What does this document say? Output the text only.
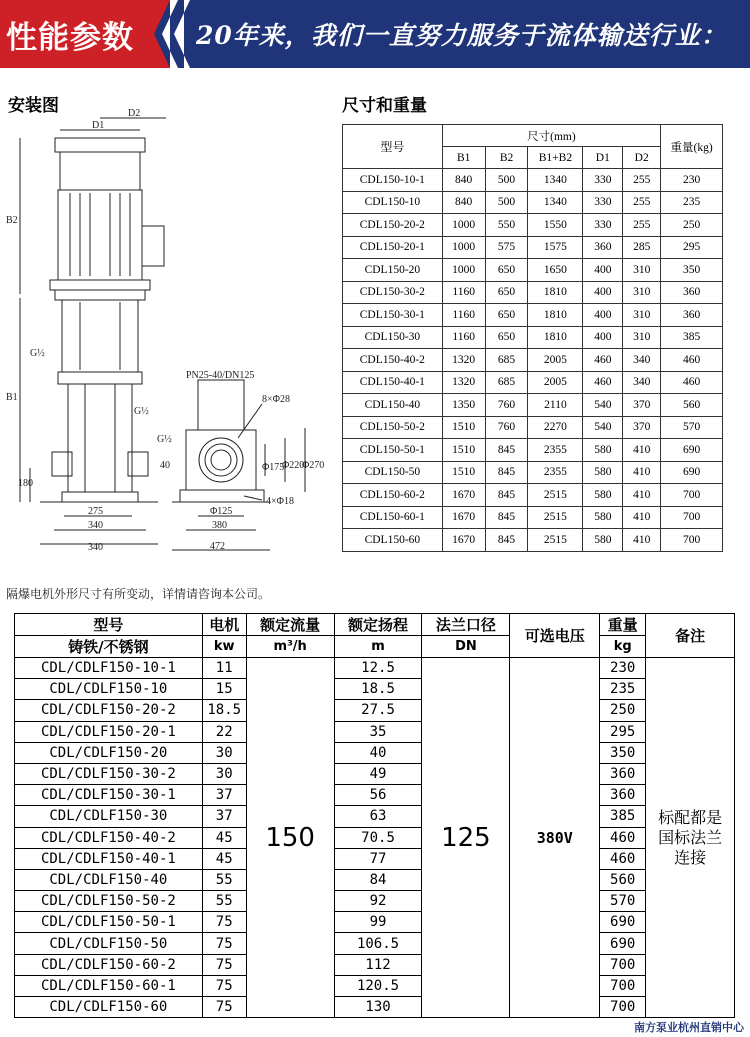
性能参数 20年来，我们一直努力服务于流体输送行业：
安装图
D1
D2
B2
B1
G½
G½
G½
180
275
340
340
PN25-40/DN125
8×Φ28
40	Φ175
Φ220
Φ270
4×Φ18
Φ125
380
472
尺寸和重量
型号	尺寸(mm)					重量(kg)
	B1	B2	B1+B2	D1	D2	
CDL150-10-1	840	500	1340	330	255	230
CDL150-10	840	500	1340	330	255	235
CDL150-20-2	1000	550	1550	330	255	250
CDL150-20-1	1000	575	1575	360	285	295
CDL150-20	1000	650	1650	400	310	350
CDL150-30-2	1160	650	1810	400	310	360
CDL150-30-1	1160	650	1810	400	310	360
CDL150-30	1160	650	1810	400	310	385
CDL150-40-2	1320	685	2005	460	340	460
CDL150-40-1	1320	685	2005	460	340	460
CDL150-40	1350	760	2110	540	370	560
CDL150-50-2	1510	760	2270	540	370	570
CDL150-50-1	1510	845	2355	580	410	690
CDL150-50	1510	845	2355	580	410	690
CDL150-60-2	1670	845	2515	580	410	700
CDL150-60-1	1670	845	2515	580	410	700
CDL150-60	1670	845	2515	580	410	700
隔爆电机外形尺寸有所变动，详情请咨询本公司。
型号	电机	额定流量	额定扬程	法兰口径	可选电压	重量	备注
铸铁/不锈钢	kw	m³/h	m	DN		kg	
CDL/CDLF150-10-1	11	150	12.5	125	380V	230	标配都是国标法兰连接
CDL/CDLF150-10	15		18.5			235	
CDL/CDLF150-20-2	18.5		27.5			250	
CDL/CDLF150-20-1	22		35			295	
CDL/CDLF150-20	30		40			350	
CDL/CDLF150-30-2	30		49			360	
CDL/CDLF150-30-1	37		56			360	
CDL/CDLF150-30	37		63			385	
CDL/CDLF150-40-2	45		70.5			460	
CDL/CDLF150-40-1	45		77			460	
CDL/CDLF150-40	55		84			560	
CDL/CDLF150-50-2	55		92			570	
CDL/CDLF150-50-1	75		99			690	
CDL/CDLF150-50	75		106.5			690	
CDL/CDLF150-60-2	75		112			700	
CDL/CDLF150-60-1	75		120.5			700	
CDL/CDLF150-60	75		130			700	
南方泵业杭州直销中心
